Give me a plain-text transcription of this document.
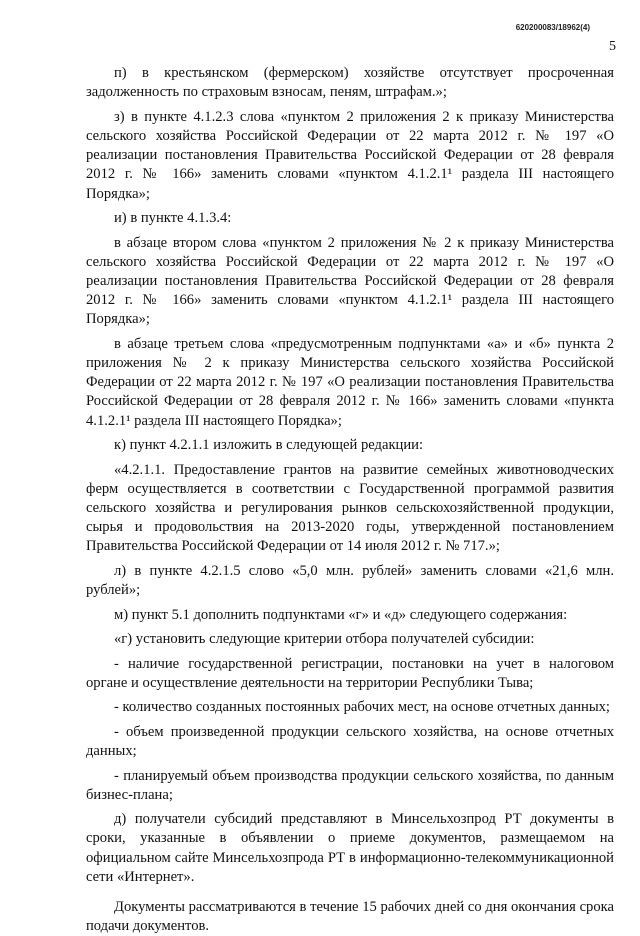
620200083/18962(4)
5

п) в крестьянском (фермерском) хозяйстве отсутствует просроченная задолженность по страховым взносам, пеням, штрафам.»;

з) в пункте 4.1.2.3 слова «пунктом 2 приложения 2 к приказу Министерства сельского хозяйства Российской Федерации от 22 марта 2012 г. № 197 «О реализации постановления Правительства Российской Федерации от 28 февраля 2012 г. № 166» заменить словами «пунктом 4.1.2.1¹ раздела III настоящего Порядка»;

и) в пункте 4.1.3.4:

в абзаце втором слова «пунктом 2 приложения № 2 к приказу Министерства сельского хозяйства Российской Федерации от 22 марта 2012 г. № 197 «О реализации постановления Правительства Российской Федерации от 28 февраля 2012 г. № 166» заменить словами «пунктом 4.1.2.1¹ раздела III настоящего Порядка»;

в абзаце третьем слова «предусмотренным подпунктами «а» и «б» пункта 2 приложения № 2 к приказу Министерства сельского хозяйства Российской Федерации от 22 марта 2012 г. № 197 «О реализации постановления Правительства Российской Федерации от 28 февраля 2012 г. № 166» заменить словами «пункта 4.1.2.1¹ раздела III настоящего Порядка»;

к) пункт 4.2.1.1 изложить в следующей редакции:

«4.2.1.1. Предоставление грантов на развитие семейных животноводческих ферм осуществляется в соответствии с Государственной программой развития сельского хозяйства и регулирования рынков сельскохозяйственной продукции, сырья и продовольствия на 2013-2020 годы, утвержденной постановлением Правительства Российской Федерации от 14 июля 2012 г. № 717.»;

л) в пункте 4.2.1.5 слово «5,0 млн. рублей» заменить словами «21,6 млн. рублей»;

м) пункт 5.1 дополнить подпунктами «г» и «д» следующего содержания:

«г) установить следующие критерии отбора получателей субсидии:

- наличие государственной регистрации, постановки на учет в налоговом органе и осуществление деятельности на территории Республики Тыва;

- количество созданных постоянных рабочих мест, на основе отчетных данных;

- объем произведенной продукции сельского хозяйства, на основе отчетных данных;

- планируемый объем производства продукции сельского хозяйства, по данным бизнес-плана;

д) получатели субсидий представляют в Минсельхозпрод РТ документы в сроки, указанные в объявлении о приеме документов, размещаемом на официальном сайте Минсельхозпрода РТ в информационно-телекоммуникационной сети «Интернет».

Документы рассматриваются в течение 15 рабочих дней со дня окончания срока подачи документов.
